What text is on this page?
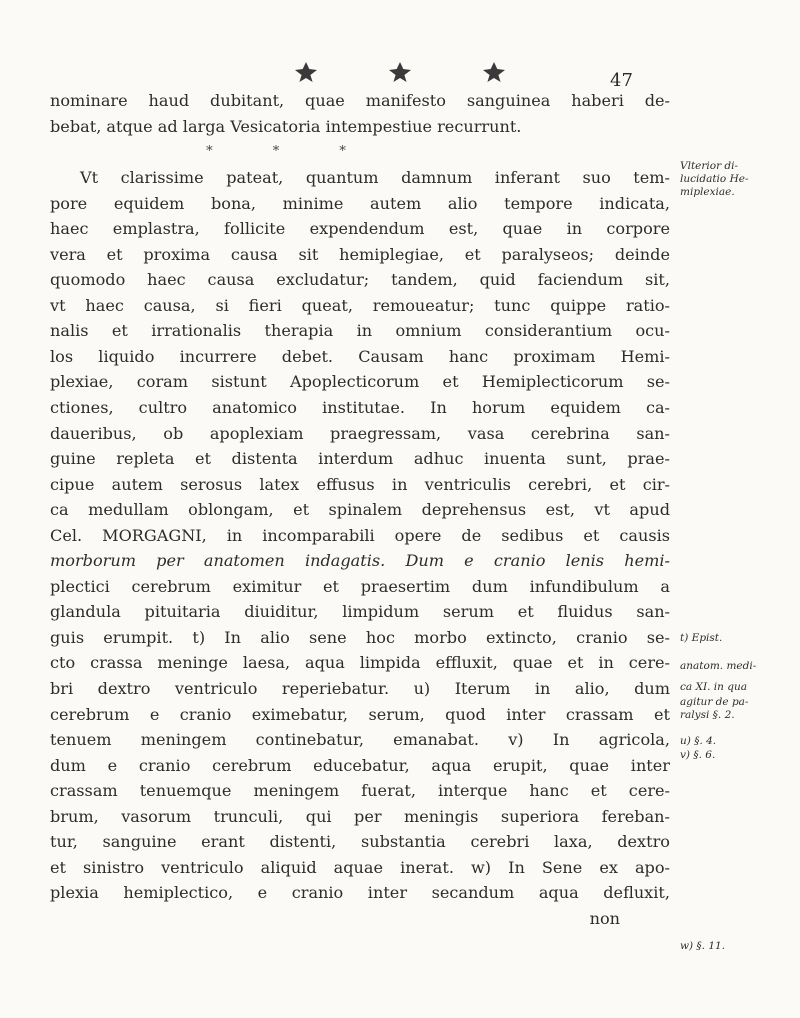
47
nominare haud dubitant, quae manifesto sanguinea haberi de-
bebat, atque ad larga Vesicatoria intempestiue recurrunt.
* * *
Vt clarissime pateat, quantum damnum inferant suo tem-
pore equidem bona, minime autem alio tempore indicata,
haec emplastra, follicite expendendum est, quae in corpore
vera et proxima causa sit hemiplegiae, et paralyseos; deinde
quomodo haec causa excludatur; tandem, quid faciendum sit,
vt haec causa, si fieri queat, remoueatur; tunc quippe ratio-
nalis et irrationalis therapia in omnium considerantium ocu-
los liquido incurrere debet. Causam hanc proximam Hemi-
plexiae, coram sistunt Apoplecticorum et Hemiplecticorum se-
ctiones, cultro anatomico institutae. In horum equidem ca-
daueribus, ob apoplexiam praegressam, vasa cerebrina san-
guine repleta et distenta interdum adhuc inuenta sunt, prae-
cipue autem serosus latex effusus in ventriculis cerebri, et cir-
ca medullam oblongam, et spinalem deprehensus est, vt apud
Cel. MORGAGNI, in incomparabili opere de sedibus et causis
morborum per anatomen indagatis. Dum e cranio lenis hemi-
plectici cerebrum eximitur et praesertim dum infundibulum a
glandula pituitaria diuiditur, limpidum serum et fluidus san-
guis erumpit. t) In alio sene hoc morbo extincto, cranio se-
cto crassa meninge laesa, aqua limpida effluxit, quae et in cere-
bri dextro ventriculo reperiebatur. u) Iterum in alio, dum
cerebrum e cranio eximebatur, serum, quod inter crassam et
tenuem meningem continebatur, emanabat. v) In agricola,
dum e cranio cerebrum educebatur, aqua erupit, quae inter
crassam tenuemque meningem fuerat, interque hanc et cere-
brum, vasorum trunculi, qui per meningis superiora fereban-
tur, sanguine erant distenti, substantia cerebri laxa, dextro
et sinistro ventriculo aliquid aquae inerat. w) In Sene ex apo-
plexia hemiplectico, e cranio inter secandum aqua defluxit,
non
Vlterior di-
lucidatio He-
miplexiae.
t) Epist.
anatom. medi-
ca XI. in qua
agitur de pa-
ralysi §. 2.
u) §. 4.
v) §. 6.
w) §. 11.
